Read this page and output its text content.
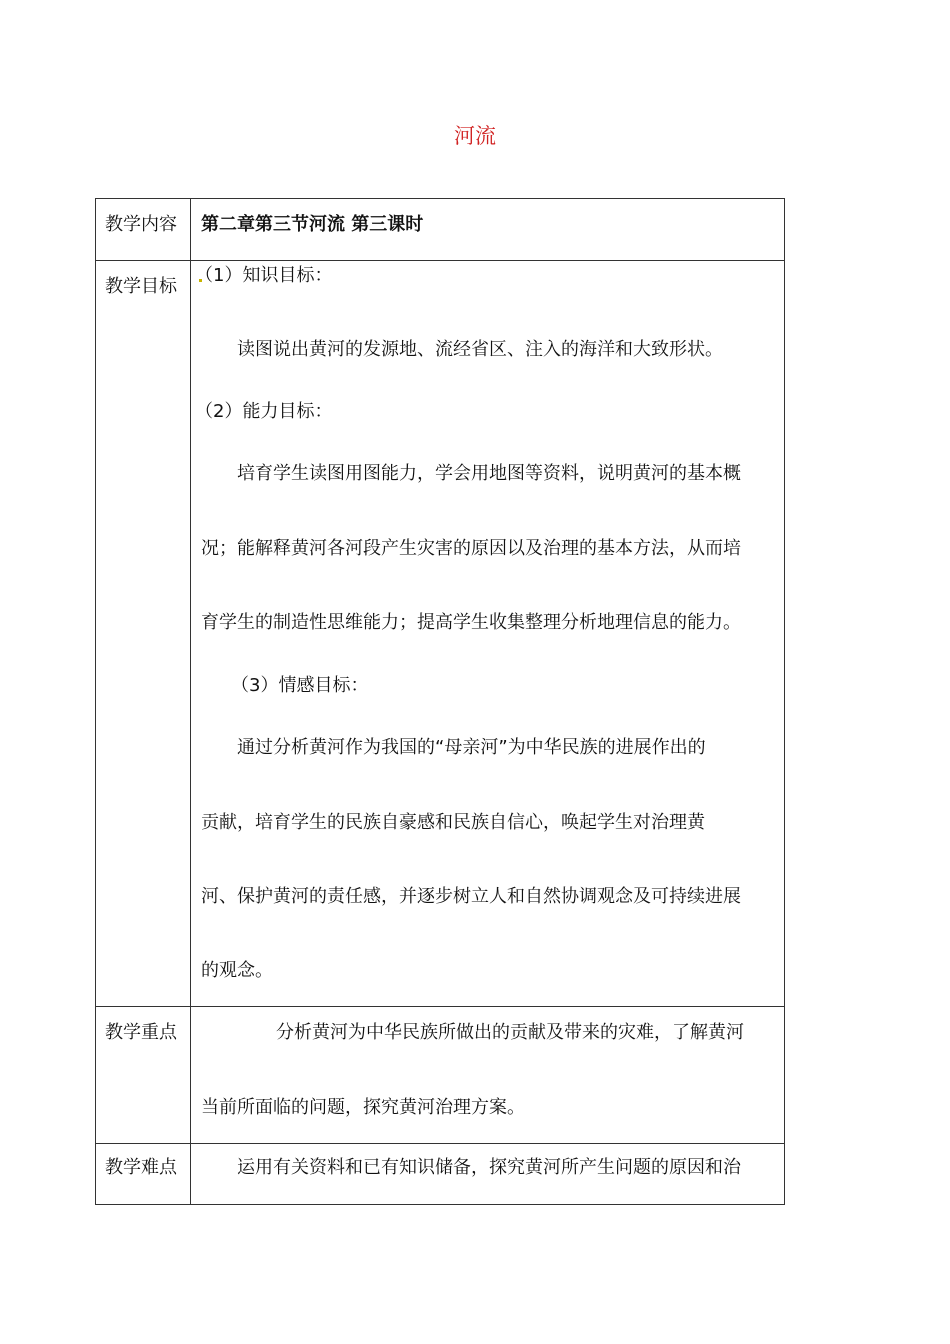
河流
教学内容 第二章第三节河流 第三课时
教学目标
（1）知识目标：
读图说出黄河的发源地、流经省区、注入的海洋和大致形状。
（2）能力目标：
培育学生读图用图能力，学会用地图等资料，说明黄河的基本概
况；能解释黄河各河段产生灾害的原因以及治理的基本方法，从而培
育学生的制造性思维能力；提高学生收集整理分析地理信息的能力。
（3）情感目标：
通过分析黄河作为我国的“母亲河”为中华民族的进展作出的
贡献，培育学生的民族自豪感和民族自信心，唤起学生对治理黄
河、保护黄河的责任感，并逐步树立人和自然协调观念及可持续进展
的观念。
教学重点	分析黄河为中华民族所做出的贡献及带来的灾难，了解黄河
当前所面临的问题，探究黄河治理方案。
教学难点	运用有关资料和已有知识储备，探究黄河所产生问题的原因和治
